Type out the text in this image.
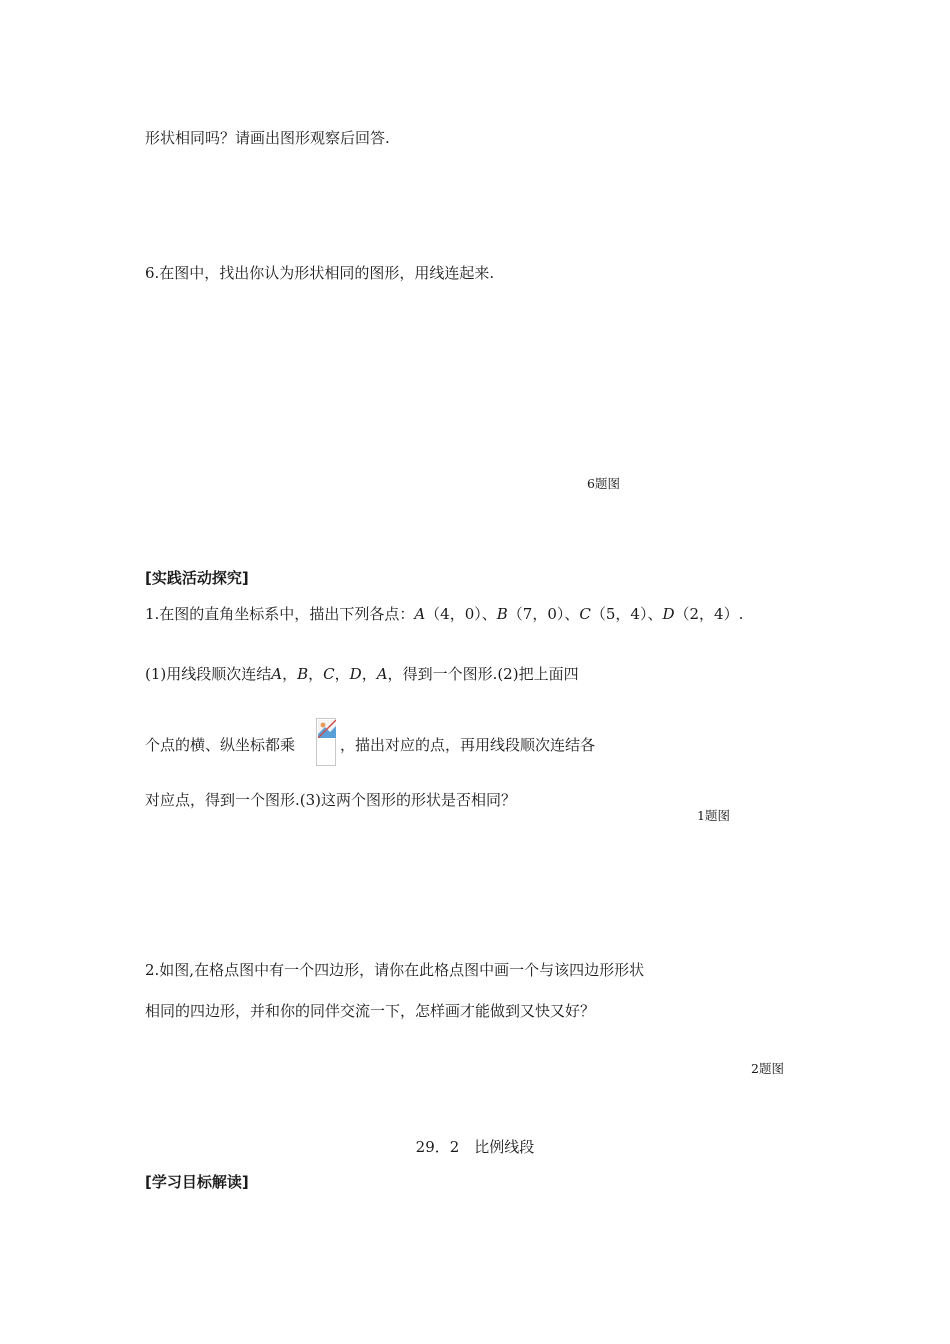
形状相同吗？请画出图形观察后回答.
6.在图中，找出你认为形状相同的图形，用线连起来.
6题图
[实践活动探究]
1.在图的直角坐标系中，描出下列各点：A（4，0）、B（7，0）、C（5，4）、D（2，4）.
(1)用线段顺次连结A，B，C，D，A，得到一个图形.(2)把上面四
个点的横、纵坐标都乘	，描出对应的点，再用线段顺次连结各
对应点，得到一个图形.(3)这两个图形的形状是否相同？
1题图
2.如图,在格点图中有一个四边形，请你在此格点图中画一个与该四边形形状
相同的四边形，并和你的同伴交流一下，怎样画才能做到又快又好？
2题图
29．2　比例线段
[学习目标解读]
